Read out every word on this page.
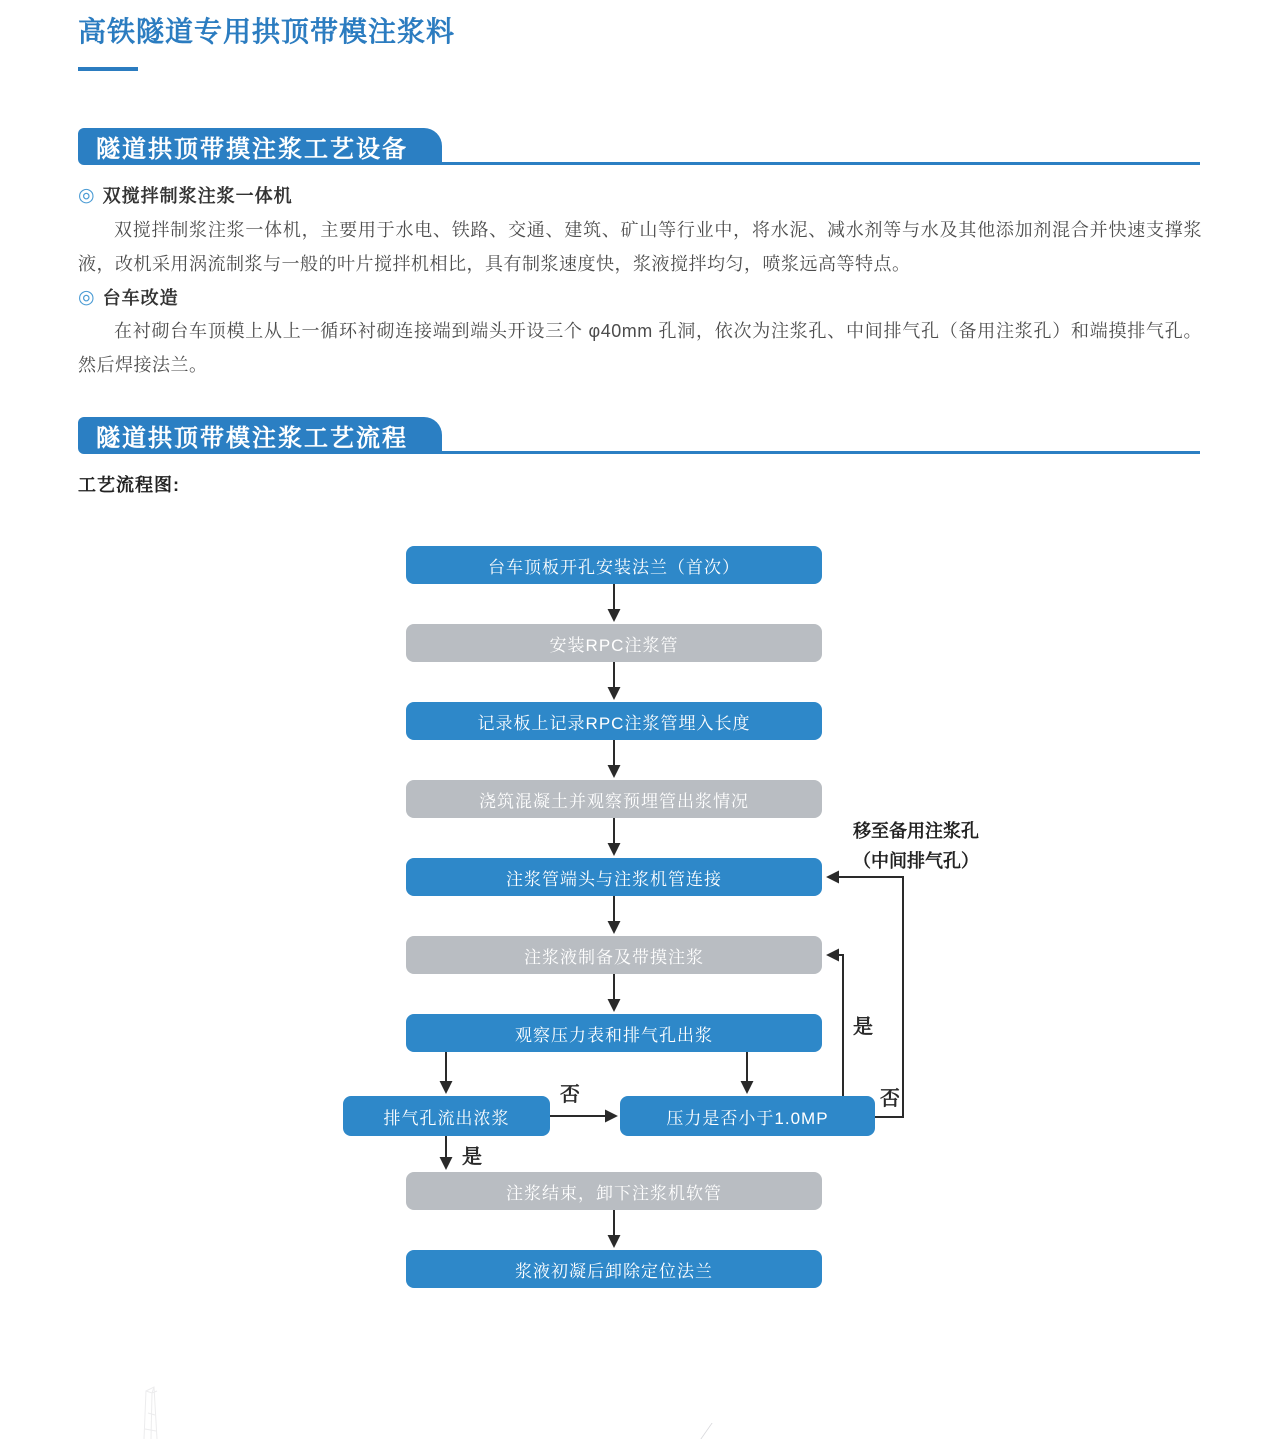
高铁隧道专用拱顶带模注浆料
隧道拱顶带摸注浆工艺设备
◎ 双搅拌制浆注浆一体机

双搅拌制浆注浆一体机，主要用于水电、铁路、交通、建筑、矿山等行业中，将水泥、减水剂等与水及其他添加剂混合并快速支撑浆液，改机采用涡流制浆与一般的叶片搅拌机相比，具有制浆速度快，浆液搅拌均匀，喷浆远高等特点。

◎ 台车改造

在衬砌台车顶模上从上一循环衬砌连接端到端头开设三个 φ40mm 孔洞，依次为注浆孔、中间排气孔（备用注浆孔）和端摸排气孔。然后焊接法兰。

隧道拱顶带模注浆工艺流程
工艺流程图:
台车顶板开孔安装法兰（首次）
安装RPC注浆管
记录板上记录RPC注浆管埋入长度
浇筑混凝土并观察预埋管出浆情况
注浆管端头与注浆机管连接
注浆液制备及带摸注浆
观察压力表和排气孔出浆
排气孔流出浓浆	压力是否小于1.0MP
注浆结束，卸下注浆机软管
浆液初凝后卸除定位法兰
否
是
是
否
移至备用注浆孔
（中间排气孔）
